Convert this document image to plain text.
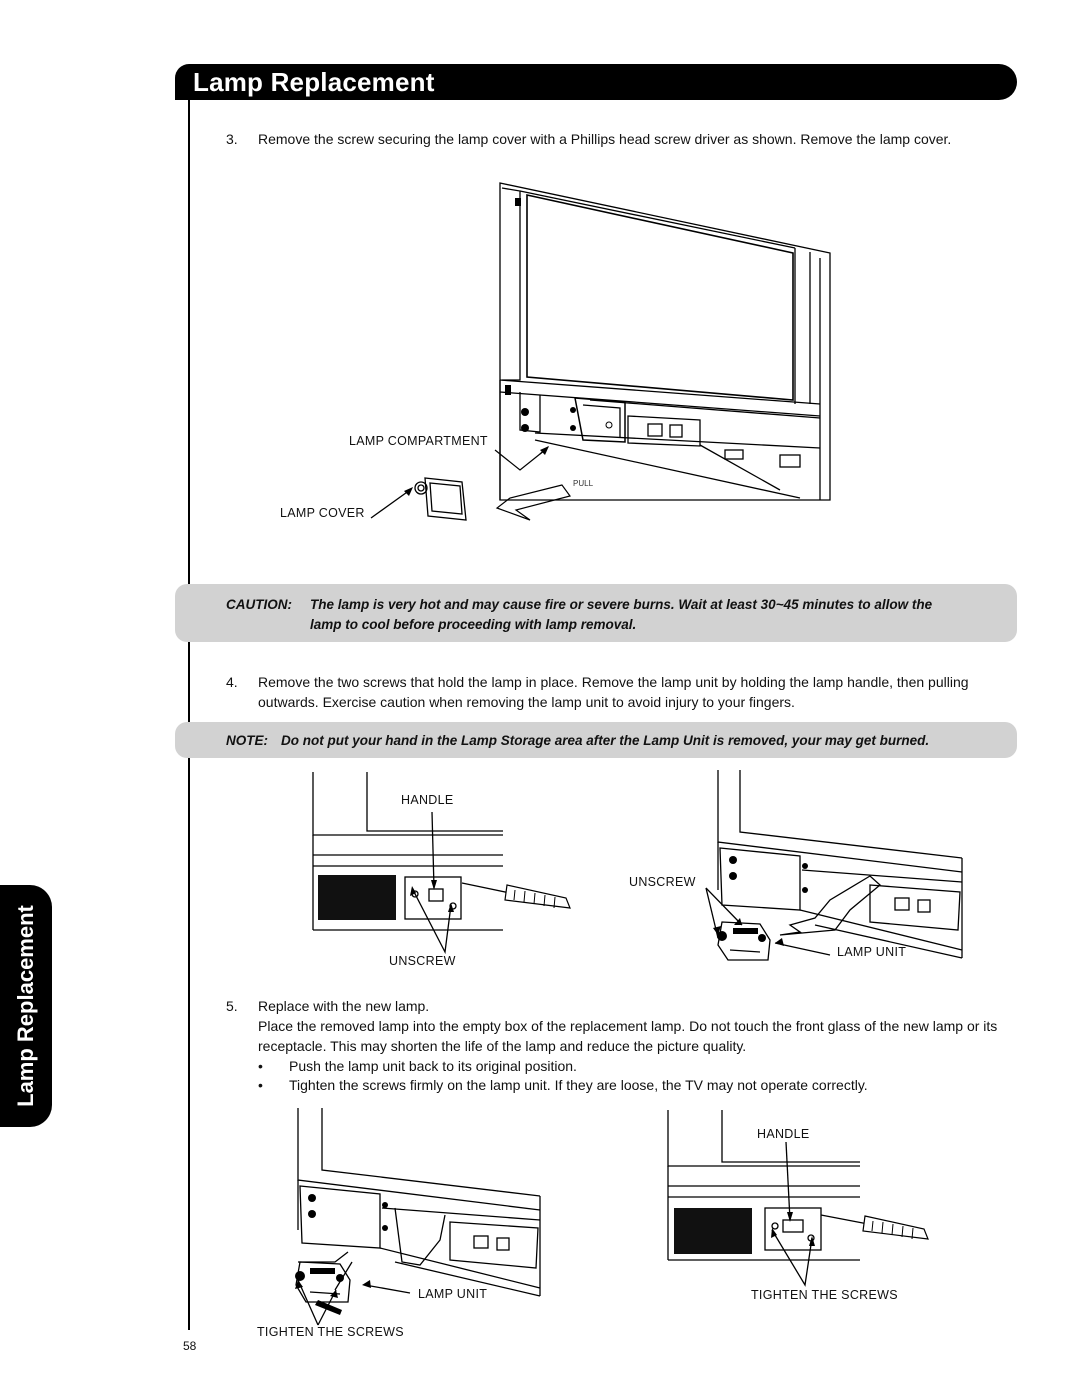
Lamp Replacement
Lamp Replacement
3. Remove the screw securing the lamp cover with a Phillips head screw driver as shown. Remove the lamp cover.
LAMP COMPARTMENT
LAMP COVER
PULL
CAUTION: The lamp is very hot and may cause fire or severe burns. Wait at least 30~45 minutes to allow the
lamp to cool before proceeding with lamp removal.
4. Remove the two screws that hold the lamp in place. Remove the lamp unit by holding the lamp handle, then pulling outwards. Exercise caution when removing the lamp unit to avoid injury to your fingers.
NOTE: Do not put your hand in the Lamp Storage area after the Lamp Unit is removed, your may get burned.
HANDLE
UNSCREW
UNSCREW
LAMP UNIT
5. Replace with the new lamp.
Place the removed lamp into the empty box of the replacement lamp. Do not touch the front glass of the new lamp or its receptacle. This may shorten the life of the lamp and reduce the picture quality.
• Push the lamp unit back to its original position.
• Tighten the screws firmly on the lamp unit. If they are loose, the TV may not operate correctly.
LAMP UNIT
TIGHTEN THE SCREWS
HANDLE
TIGHTEN THE SCREWS
58
